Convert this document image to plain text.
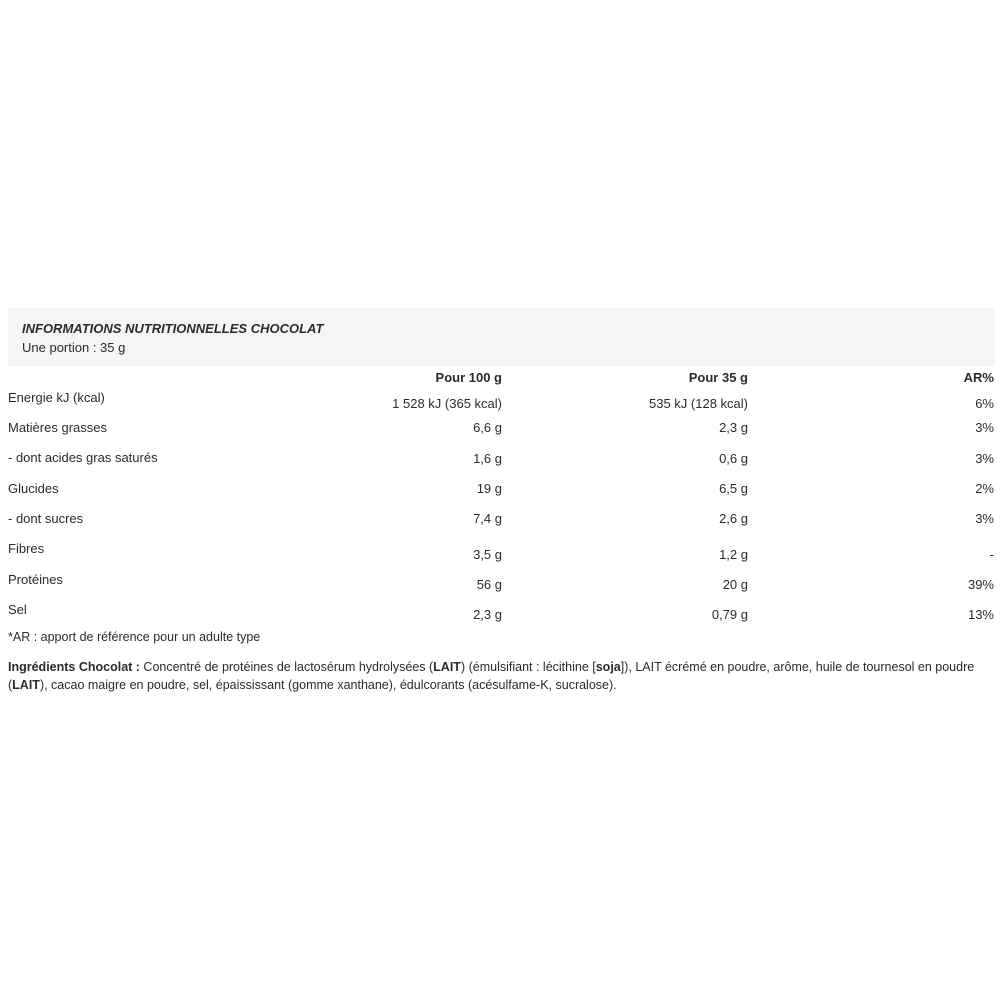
INFORMATIONS NUTRITIONNELLES CHOCOLAT
Une portion : 35 g
Pour 100 g	Pour 35 g	AR%
Energie kJ (kcal)	1 528 kJ (365 kcal)	535 kJ (128 kcal)	6%
Matières grasses	6,6 g	2,3 g	3%
- dont acides gras saturés	1,6 g	0,6 g	3%
Glucides	19 g	6,5 g	2%
- dont sucres	7,4 g	2,6 g	3%
Fibres	3,5 g	1,2 g	-
Protéines	56 g	20 g	39%
Sel	2,3 g	0,79 g	13%
*AR : apport de référence pour un adulte type
Ingrédients Chocolat : Concentré de protéines de lactosérum hydrolysées (LAIT) (émulsifiant : lécithine [soja]), LAIT écrémé en poudre, arôme, huile de tournesol en poudre (LAIT), cacao maigre en poudre, sel, épaississant (gomme xanthane), édulcorants (acésulfame-K, sucralose).
